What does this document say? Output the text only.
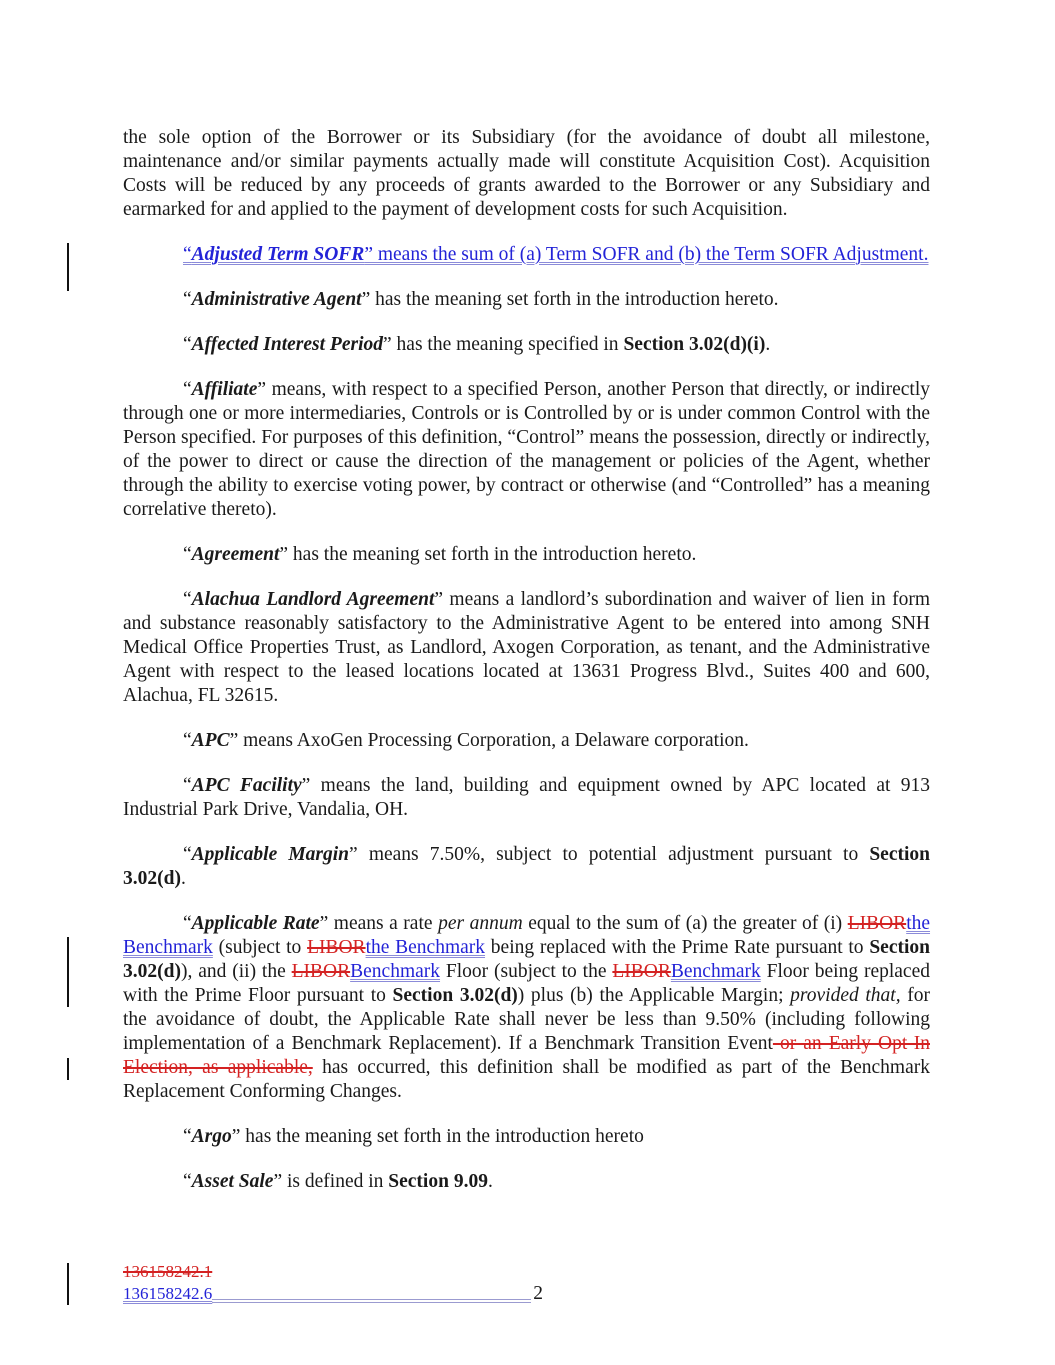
the sole option of the Borrower or its Subsidiary (for the avoidance of doubt all milestone, maintenance and/or similar payments actually made will constitute Acquisition Cost). Acquisition Costs will be reduced by any proceeds of grants awarded to the Borrower or any Subsidiary and earmarked for and applied to the payment of development costs for such Acquisition.

“Adjusted Term SOFR” means the sum of (a) Term SOFR and (b) the Term SOFR Adjustment.

“Administrative Agent” has the meaning set forth in the introduction hereto.

“Affected Interest Period” has the meaning specified in Section 3.02(d)(i).

“Affiliate” means, with respect to a specified Person, another Person that directly, or indirectly through one or more intermediaries, Controls or is Controlled by or is under common Control with the Person specified. For purposes of this definition, “Control” means the possession, directly or indirectly, of the power to direct or cause the direction of the management or policies of the Agent, whether through the ability to exercise voting power, by contract or otherwise (and “Controlled” has a meaning correlative thereto).

“Agreement” has the meaning set forth in the introduction hereto.

“Alachua Landlord Agreement” means a landlord’s subordination and waiver of lien in form and substance reasonably satisfactory to the Administrative Agent to be entered into among SNH Medical Office Properties Trust, as Landlord, Axogen Corporation, as tenant, and the Administrative Agent with respect to the leased locations located at 13631 Progress Blvd., Suites 400 and 600, Alachua, FL 32615.

“APC” means AxoGen Processing Corporation, a Delaware corporation.

“APC Facility” means the land, building and equipment owned by APC located at 913 Industrial Park Drive, Vandalia, OH.

“Applicable Margin” means 7.50%, subject to potential adjustment pursuant to Section 3.02(d).

“Applicable Rate” means a rate per annum equal to the sum of (a) the greater of (i) LIBORthe Benchmark (subject to LIBORthe Benchmark being replaced with the Prime Rate pursuant to Section 3.02(d)), and (ii) the LIBORBenchmark Floor (subject to the LIBORBenchmark Floor being replaced with the Prime Floor pursuant to Section 3.02(d)) plus (b) the Applicable Margin; provided that, for the avoidance of doubt, the Applicable Rate shall never be less than 9.50% (including following implementation of a Benchmark Replacement). If a Benchmark Transition Event or an Early Opt-In Election, as applicable, has occurred, this definition shall be modified as part of the Benchmark Replacement Conforming Changes.

“Argo” has the meaning set forth in the introduction hereto

“Asset Sale” is defined in Section 9.09.

136158242.1
136158242.6	2
